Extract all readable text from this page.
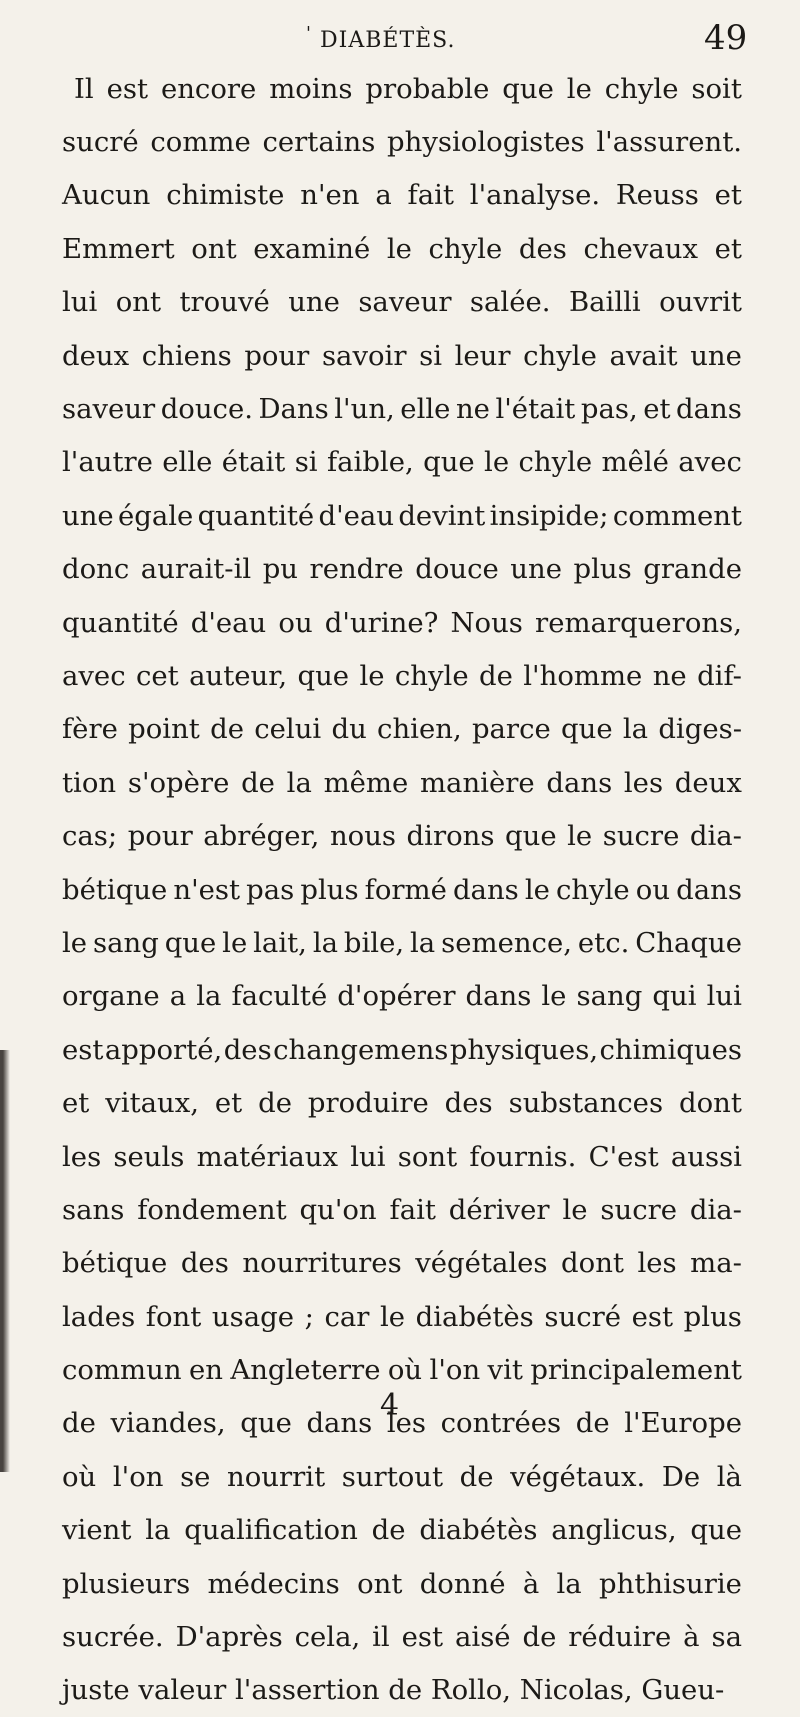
' DIABÉTÈS.	49
Il est encore moins probable que le chyle soit
sucré comme certains physiologistes l'assurent.
Aucun chimiste n'en a fait l'analyse. Reuss et
Emmert ont examiné le chyle des chevaux et
lui ont trouvé une saveur salée. Bailli ouvrit
deux chiens pour savoir si leur chyle avait une
saveur douce. Dans l'un, elle ne l'était pas, et dans
l'autre elle était si faible, que le chyle mêlé avec
une égale quantité d'eau devint insipide; comment
donc aurait-il pu rendre douce une plus grande
quantité d'eau ou d'urine? Nous remarquerons,
avec cet auteur, que le chyle de l'homme ne dif-
fère point de celui du chien, parce que la diges-
tion s'opère de la même manière dans les deux
cas; pour abréger, nous dirons que le sucre dia-
bétique n'est pas plus formé dans le chyle ou dans
le sang que le lait, la bile, la semence, etc. Chaque
organe a la faculté d'opérer dans le sang qui lui
est apporté, des changemens physiques, chimiques
et vitaux, et de produire des substances dont
les seuls matériaux lui sont fournis. C'est aussi
sans fondement qu'on fait dériver le sucre dia-
bétique des nourritures végétales dont les ma-
lades font usage ; car le diabétès sucré est plus
commun en Angleterre où l'on vit principalement
de viandes, que dans les contrées de l'Europe
où l'on se nourrit surtout de végétaux. De là
vient la qualification de diabétès anglicus, que
plusieurs médecins ont donné à la phthisurie
sucrée. D'après cela, il est aisé de réduire à sa
juste valeur l'assertion de Rollo, Nicolas, Gueu-
4
